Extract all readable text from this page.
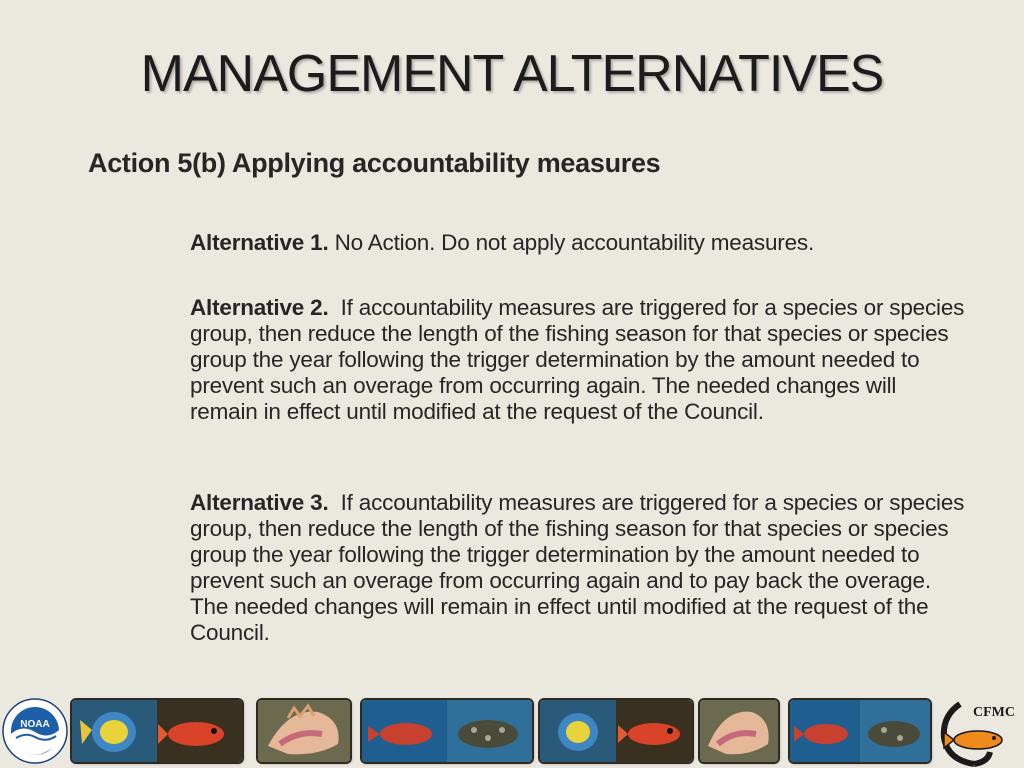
MANAGEMENT ALTERNATIVES
Action 5(b) Applying accountability measures
Alternative 1. No Action. Do not apply accountability measures.
Alternative 2. If accountability measures are triggered for a species or species group, then reduce the length of the fishing season for that species or species group the year following the trigger determination by the amount needed to prevent such an overage from occurring again. The needed changes will remain in effect until modified at the request of the Council.
Alternative 3. If accountability measures are triggered for a species or species group, then reduce the length of the fishing season for that species or species group the year following the trigger determination by the amount needed to prevent such an overage from occurring again and to pay back the overage. The needed changes will remain in effect until modified at the request of the Council.
NOAA
CFMC
